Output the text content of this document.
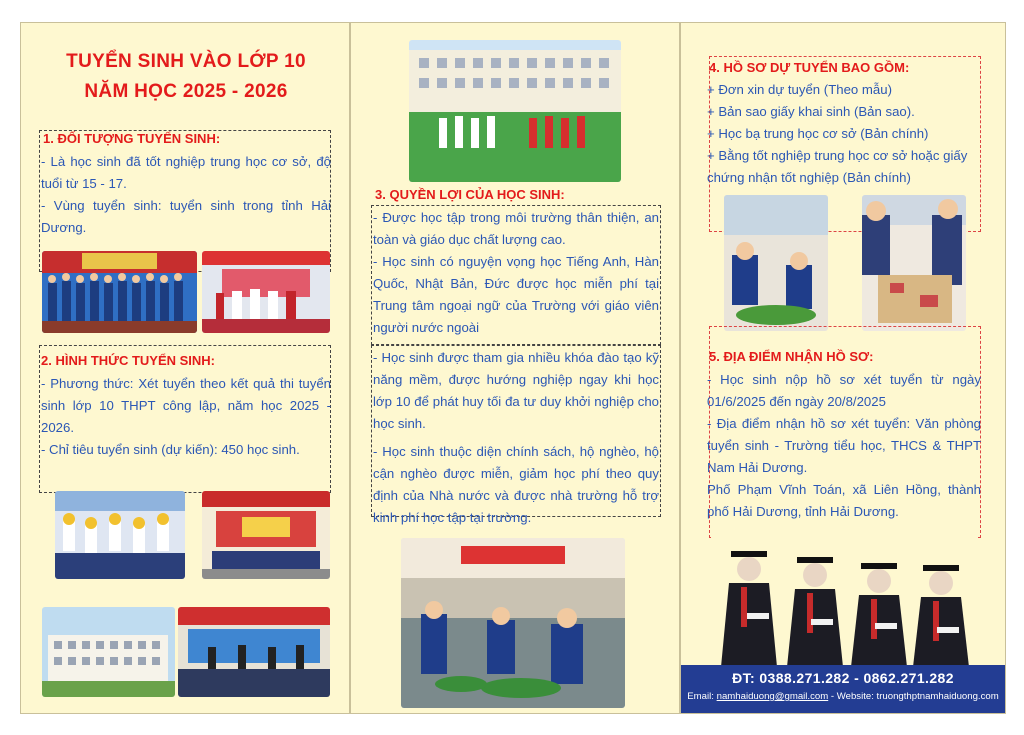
TUYỂN SINH VÀO LỚP 10
NĂM HỌC 2025 - 2026
1. ĐỐI TƯỢNG TUYỂN SINH:
- Là học sinh đã tốt nghiệp trung học cơ sở, độ tuổi từ 15 - 17.
- Vùng tuyển sinh: tuyển sinh trong tỉnh Hải Dương.
2. HÌNH THỨC TUYỂN SINH:
- Phương thức: Xét tuyển theo kết quả thi tuyển sinh lớp 10 THPT công lập, năm học 2025 - 2026.
- Chỉ tiêu tuyển sinh (dự kiến): 450 học sinh.
3. QUYỀN LỢI CỦA HỌC SINH:
- Được học tập trong môi trường thân thiện, an toàn và giáo dục chất lượng cao.
- Học sinh có nguyện vọng học Tiếng Anh, Hàn Quốc, Nhật Bản, Đức được học miễn phí tại Trung tâm ngoại ngữ của Trường với giáo viên người nước ngoài
- Học sinh được tham gia nhiều khóa đào tạo kỹ năng mềm, được hướng nghiệp ngay khi học lớp 10 để phát huy tối đa tư duy khởi nghiệp cho học sinh.
- Học sinh thuộc diện chính sách, hộ nghèo, hộ cận nghèo được miễn, giảm học phí theo quy định của Nhà nước và được nhà trường hỗ trợ kinh phí học tập tại trường.
4. HỒ SƠ DỰ TUYỂN BAO GỒM:
+ Đơn xin dự tuyển (Theo mẫu)
+ Bản sao giấy khai sinh (Bản sao).
+ Học bạ trung học cơ sở (Bản chính)
+ Bằng tốt nghiệp trung học cơ sở hoặc giấy chứng nhận tốt nghiệp (Bản chính)
5. ĐỊA ĐIỂM NHẬN HỒ SƠ:
- Học sinh nộp hồ sơ xét tuyển từ ngày 01/6/2025 đến ngày 20/8/2025
- Địa điểm nhận hồ sơ xét tuyển: Văn phòng tuyển sinh - Trường tiểu học, THCS & THPT Nam Hải Dương.
Phố Phạm Vĩnh Toán, xã Liên Hồng, thành phố Hải Dương, tỉnh Hải Dương.
ĐT: 0388.271.282 - 0862.271.282
Email: namhaiduong@gmail.com - Website: truongthptnamhaiduong.com
